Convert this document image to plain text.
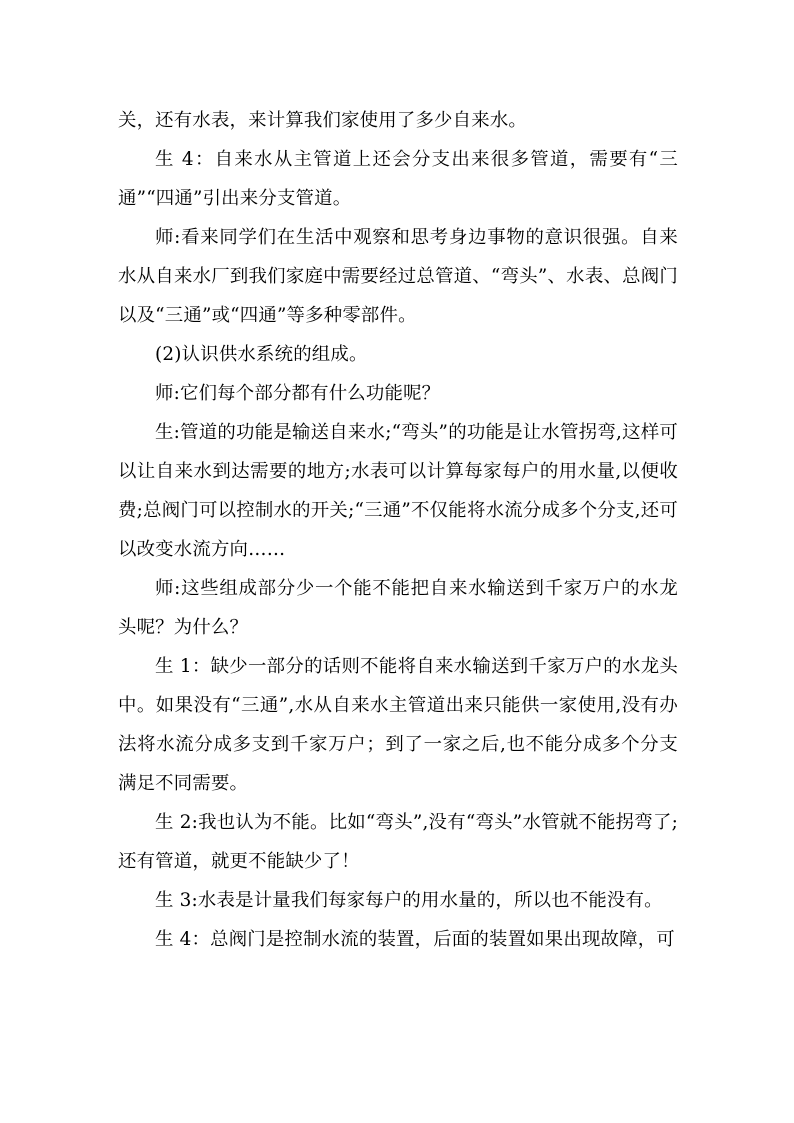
关，还有水表，来计算我们家使用了多少自来水。

生 4：自来水从主管道上还会分支出来很多管道，需要有“三通”“四通”引出来分支管道。

师:看来同学们在生活中观察和思考身边事物的意识很强。自来水从自来水厂到我们家庭中需要经过总管道、“弯头”、水表、总阀门以及“三通”或“四通”等多种零部件。

(2)认识供水系统的组成。

师:它们每个部分都有什么功能呢？

生:管道的功能是输送自来水;“弯头”的功能是让水管拐弯,这样可以让自来水到达需要的地方;水表可以计算每家每户的用水量,以便收费;总阀门可以控制水的开关;“三通”不仅能将水流分成多个分支,还可以改变水流方向……

师:这些组成部分少一个能不能把自来水输送到千家万户的水龙头呢？为什么？

生 1：缺少一部分的话则不能将自来水输送到千家万户的水龙头中。如果没有“三通”,水从自来水主管道出来只能供一家使用,没有办法将水流分成多支到千家万户；到了一家之后,也不能分成多个分支满足不同需要。

生 2:我也认为不能。比如“弯头”,没有“弯头”水管就不能拐弯了;还有管道，就更不能缺少了！

生 3:水表是计量我们每家每户的用水量的，所以也不能没有。

生 4：总阀门是控制水流的装置，后面的装置如果出现故障，可
